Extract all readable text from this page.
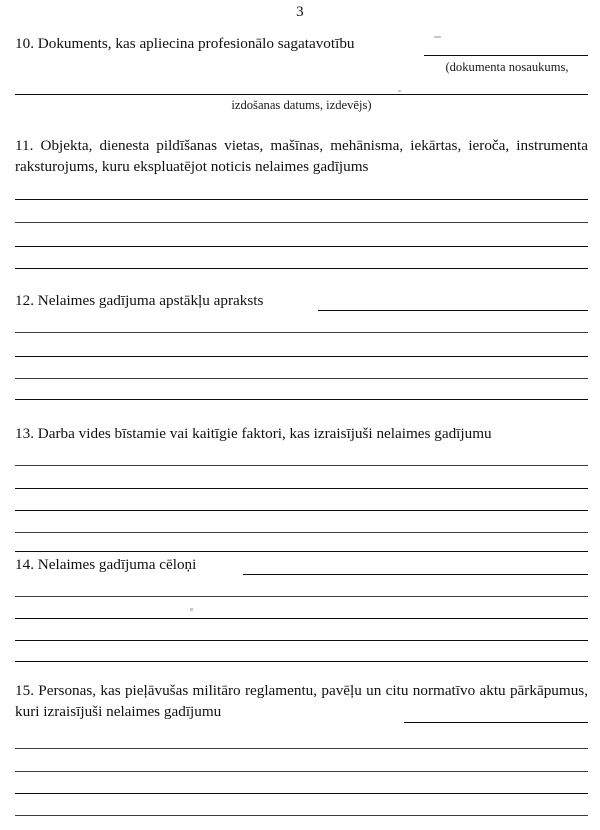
3
10. Dokuments, kas apliecina profesionālo sagatavotību
(dokumenta nosaukums,
izdošanas datums, izdevējs)
11. Objekta, dienesta pildīšanas vietas, mašīnas, mehānisma, iekārtas, ieroča, instrumenta raksturojums, kuru ekspluatējot noticis nelaimes gadījums
12. Nelaimes gadījuma apstākļu apraksts
13. Darba vides bīstamie vai kaitīgie faktori, kas izraisījuši nelaimes gadījumu
14. Nelaimes gadījuma cēloņi
15. Personas, kas pieļāvušas militāro reglamentu, pavēļu un citu normatīvo aktu pārkāpumus, kuri izraisījuši nelaimes gadījumu
